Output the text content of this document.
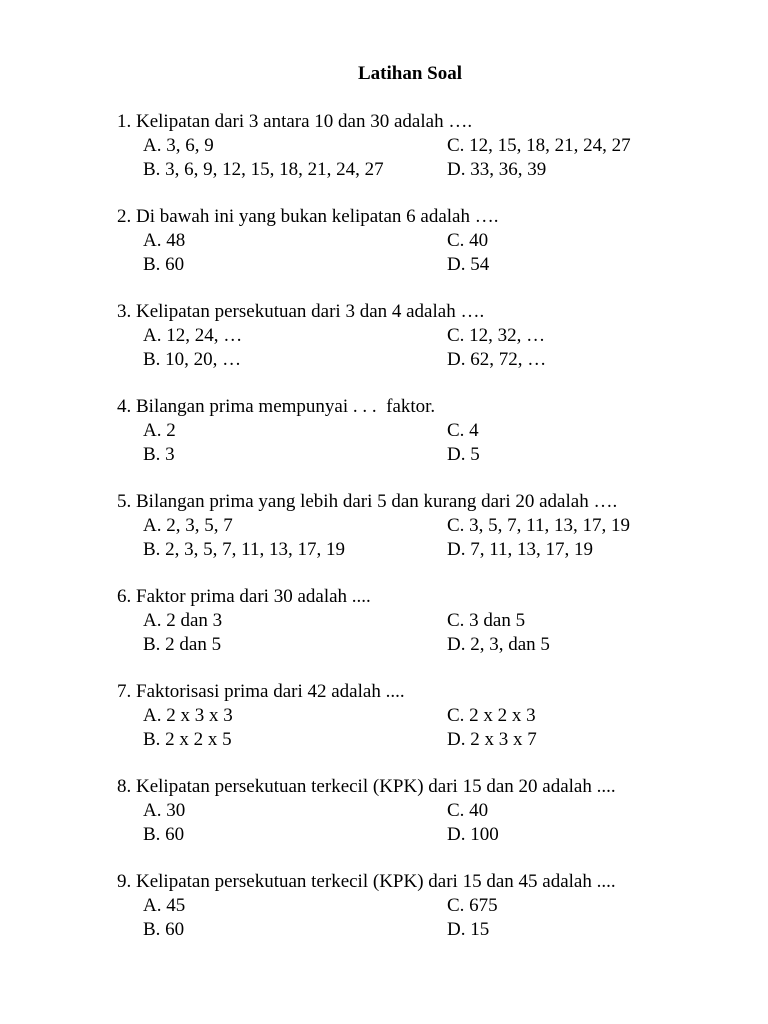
Latihan Soal
1. Kelipatan dari 3 antara 10 dan 30 adalah ….
A. 3, 6, 9	C. 12, 15, 18, 21, 24, 27
B. 3, 6, 9, 12, 15, 18, 21, 24, 27	D. 33, 36, 39
2. Di bawah ini yang bukan kelipatan 6 adalah ….
A. 48	C. 40
B. 60	D. 54
3. Kelipatan persekutuan dari 3 dan 4 adalah ….
A. 12, 24, …	C. 12, 32, …
B. 10, 20, …	D. 62, 72, …
4. Bilangan prima mempunyai . . .  faktor.
A. 2	C. 4
B. 3	D. 5
5. Bilangan prima yang lebih dari 5 dan kurang dari 20 adalah ….
A. 2, 3, 5, 7	C. 3, 5, 7, 11, 13, 17, 19
B. 2, 3, 5, 7, 11, 13, 17, 19	D. 7, 11, 13, 17, 19
6. Faktor prima dari 30 adalah ....
A. 2 dan 3	C. 3 dan 5
B. 2 dan 5	D. 2, 3, dan 5
7. Faktorisasi prima dari 42 adalah ....
A. 2 x 3 x 3	C. 2 x 2 x 3
B. 2 x 2 x 5	D. 2 x 3 x 7
8. Kelipatan persekutuan terkecil (KPK) dari 15 dan 20 adalah ....
A. 30	C. 40
B. 60	D. 100
9. Kelipatan persekutuan terkecil (KPK) dari 15 dan 45 adalah ....
A. 45	C. 675
B. 60	D. 15
